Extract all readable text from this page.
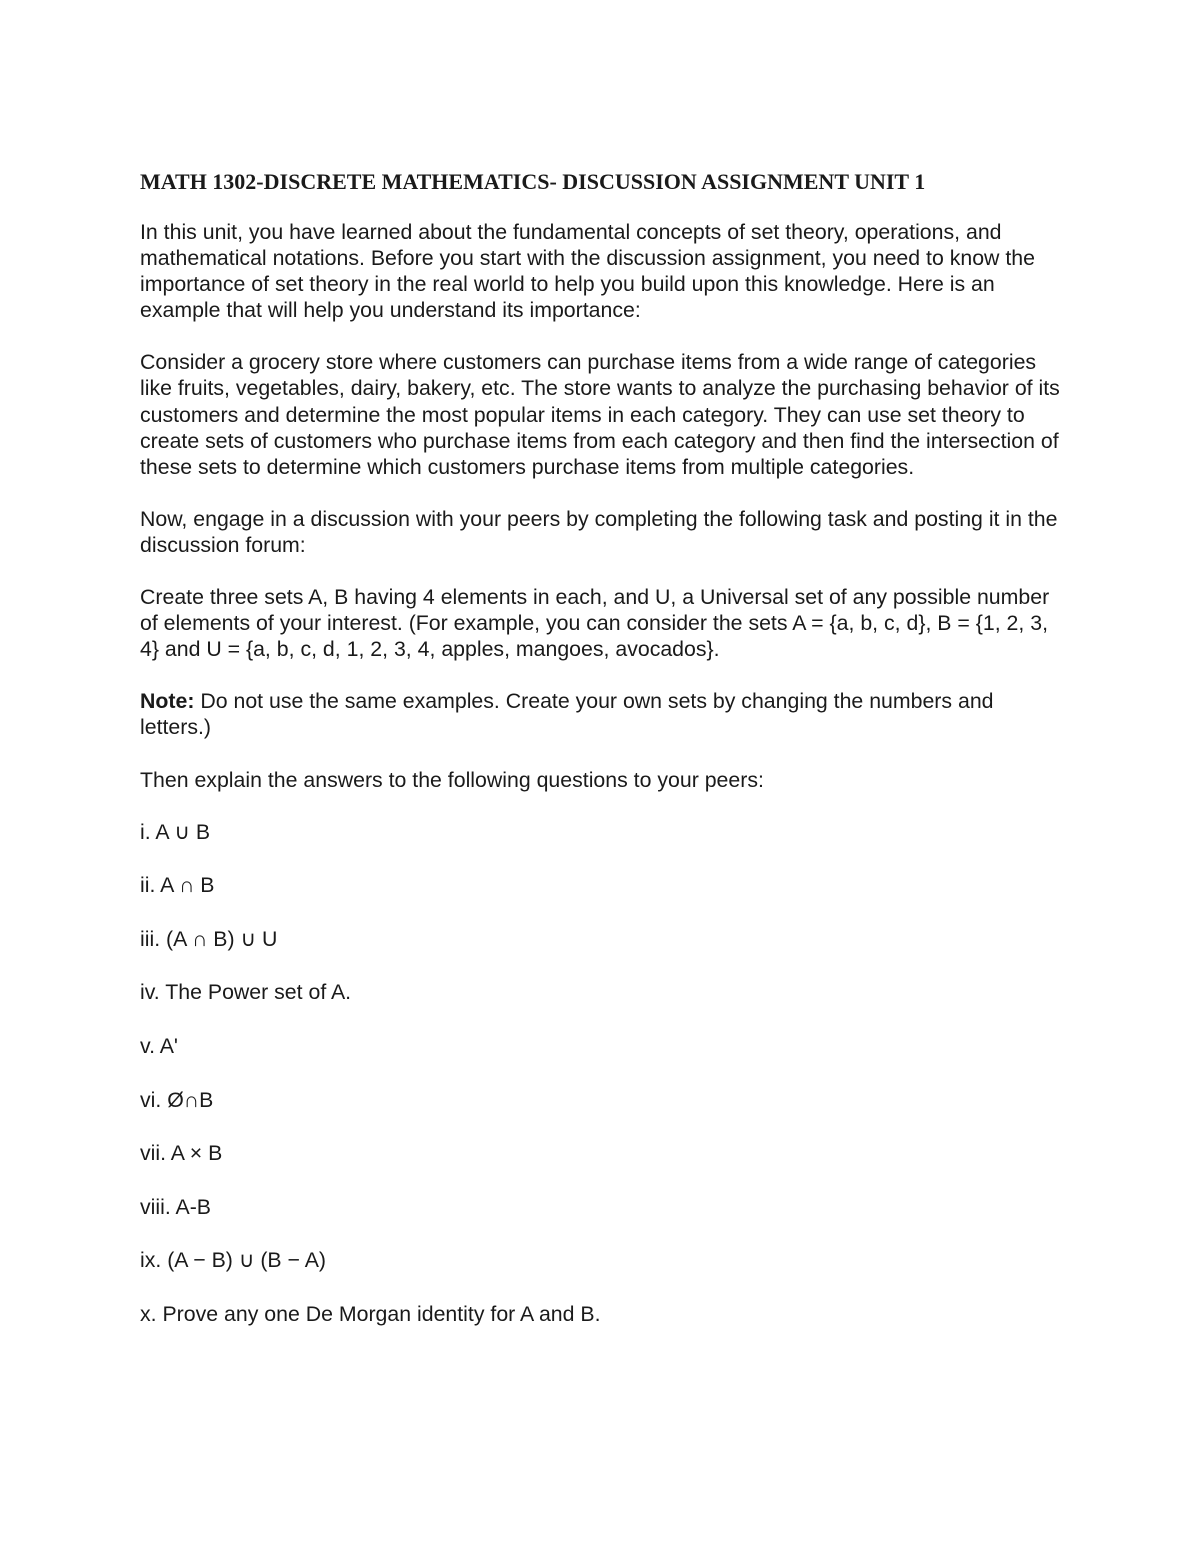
MATH 1302-DISCRETE MATHEMATICS- DISCUSSION ASSIGNMENT UNIT 1

In this unit, you have learned about the fundamental concepts of set theory, operations, and mathematical notations. Before you start with the discussion assignment, you need to know the importance of set theory in the real world to help you build upon this knowledge. Here is an example that will help you understand its importance:

Consider a grocery store where customers can purchase items from a wide range of categories like fruits, vegetables, dairy, bakery, etc. The store wants to analyze the purchasing behavior of its customers and determine the most popular items in each category. They can use set theory to create sets of customers who purchase items from each category and then find the intersection of these sets to determine which customers purchase items from multiple categories.

Now, engage in a discussion with your peers by completing the following task and posting it in the discussion forum:

Create three sets A, B having 4 elements in each, and U, a Universal set of any possible number of elements of your interest. (For example, you can consider the sets A = {a, b, c, d}, B = {1, 2, 3, 4} and U = {a, b, c, d, 1, 2, 3, 4, apples, mangoes, avocados}.

Note: Do not use the same examples. Create your own sets by changing the numbers and letters.)

Then explain the answers to the following questions to your peers:

i. A ∪ B

ii. A ∩ B

iii. (A ∩ B) ∪ U

iv. The Power set of A.

v. A'

vi. Ø∩B

vii. A × B

viii. A-B

ix. (A − B) ∪ (B − A)

x. Prove any one De Morgan identity for A and B.
